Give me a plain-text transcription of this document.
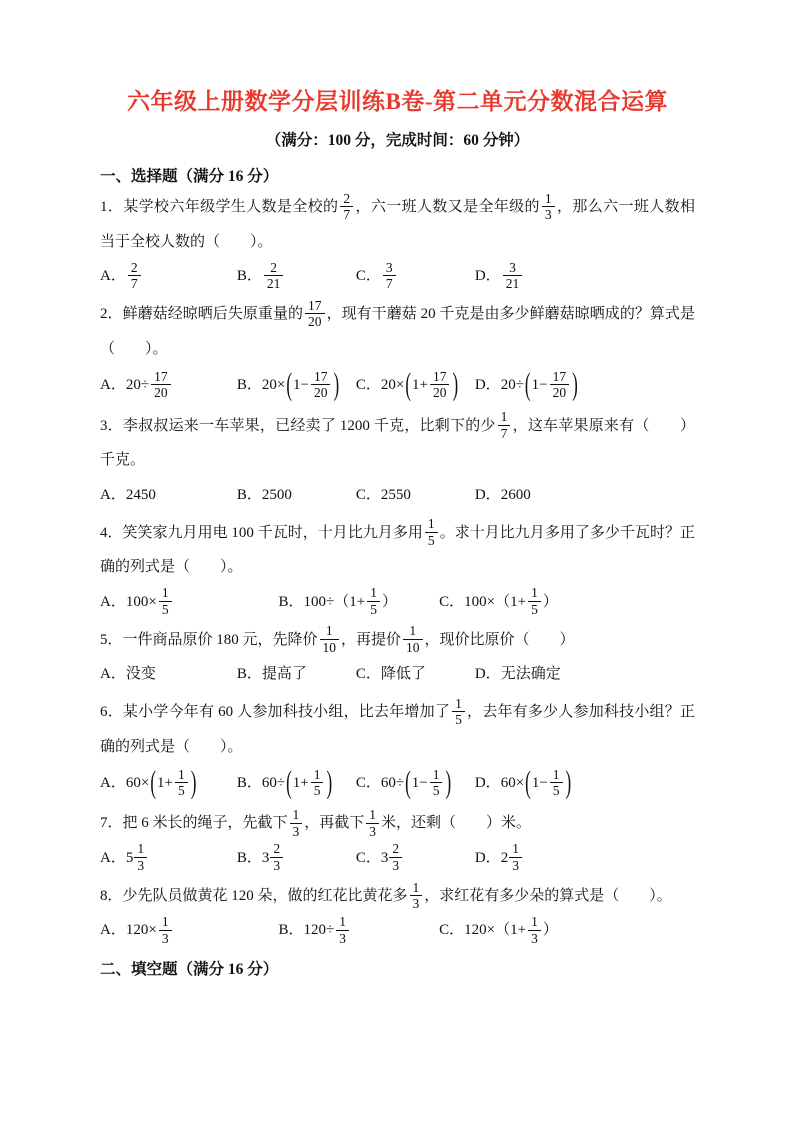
六年级上册数学分层训练B卷-第二单元分数混合运算

（满分：100 分，完成时间：60 分钟）

一、选择题（满分 16 分）

1．某学校六年级学生人数是全校的 $\frac{2}{7}$ ，六一班人数又是全年级的 $\frac{1}{3}$ ，那么六一班人数相当于全校人数的（　　）。

A． $\frac{2}{7}$	B． $\frac{2}{21}$	C． $\frac{3}{7}$	D． $\frac{3}{21}$

2．鲜蘑菇经晾晒后失原重量的 $\frac{17}{20}$ ，现有干蘑菇 20 千克是由多少鲜蘑菇晾晒成的？算式是（　　）。

A．$20\div \frac{17}{20}$	B．$20\times(1- \frac{17}{20}$ )	C．$20\times(1+ \frac{17}{20}$ )	D．$20\div(1- \frac{17}{20}$ )

3．李叔叔运来一车苹果，已经卖了 1200 千克，比剩下的少 $\frac{1}{7}$ ，这车苹果原来有（　　）千克。

A．2450	B．2500	C．2550	D．2600

4．笑笑家九月用电 100 千瓦时，十月比九月多用 $\frac{1}{5}$ 。求十月比九月多用了多少千瓦时？正确的列式是（　　）。

A．$100\times \frac{1}{5}$	B．$100\div(1+ \frac{1}{5}$ ）	C．$100\times(1+ \frac{1}{5}$ ）

5．一件商品原价 180 元，先降价 $\frac{1}{10}$ ，再提价 $\frac{1}{10}$ ，现价比原价（　　）

A．没变	B．提高了	C．降低了	D．无法确定

6．某小学今年有 60 人参加科技小组，比去年增加了 $\frac{1}{5}$ ，去年有多少人参加科技小组？正确的列式是（　　）。

A．$60\times(1+ \frac{1}{5}$ )	B．$60\div(1+ \frac{1}{5}$ )	C．$60\div(1- \frac{1}{5}$ )	D．$60\times(1- \frac{1}{5}$ )

7．把 6 米长的绳子，先截下 $\frac{1}{3}$ ，再截下 $\frac{1}{3}$ 米，还剩（　　）米。

A．$5 \frac{1}{3}$	B．$3 \frac{2}{3}$	C．$3 \frac{2}{3}$	D．$2 \frac{1}{3}$

8．少先队员做黄花 120 朵，做的红花比黄花多 $\frac{1}{3}$ ，求红花有多少朵的算式是（　　）。

A．$120\times \frac{1}{3}$	B．$120\div \frac{1}{3}$	C．$120\times(1+ \frac{1}{3}$ ）

二、填空题（满分 16 分）
